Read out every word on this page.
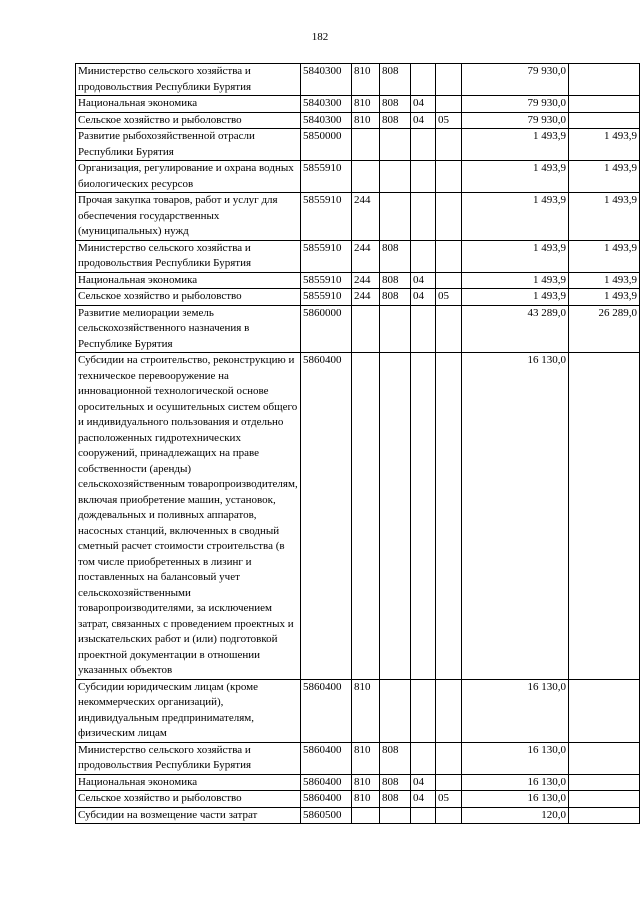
182
Министерство сельского хозяйства и продовольствия Республики Бурятия	5840300	810	808			79 930,0	
Национальная экономика	5840300	810	808	04		79 930,0	
Сельское хозяйство и рыболовство	5840300	810	808	04	05	79 930,0	
Развитие рыбохозяйственной отрасли Республики Бурятия	5850000					1 493,9	1 493,9
Организация, регулирование и охрана водных биологических ресурсов	5855910					1 493,9	1 493,9
Прочая закупка товаров, работ и услуг для обеспечения государственных (муниципальных) нужд	5855910	244				1 493,9	1 493,9
Министерство сельского хозяйства и продовольствия Республики Бурятия	5855910	244	808			1 493,9	1 493,9
Национальная экономика	5855910	244	808	04		1 493,9	1 493,9
Сельское хозяйство и рыболовство	5855910	244	808	04	05	1 493,9	1 493,9
Развитие мелиорации земель сельскохозяйственного назначения в Республике Бурятия	5860000					43 289,0	26 289,0
Субсидии на строительство, реконструкцию и техническое перевооружение на инновационной технологической основе оросительных и осушительных систем общего и индивидуального пользования и отдельно расположенных гидротехнических сооружений, принадлежащих на праве собственности (аренды) сельскохозяйственным товаропроизводителям, включая приобретение машин, установок, дождевальных и поливных аппаратов, насосных станций, включенных в сводный сметный расчет стоимости строительства (в том числе приобретенных в лизинг и поставленных на балансовый учет сельскохозяйственными товаропроизводителями, за исключением затрат, связанных с проведением проектных и изыскательских работ и (или) подготовкой проектной документации в отношении указанных объектов	5860400					16 130,0	
Субсидии юридическим лицам (кроме некоммерческих организаций), индивидуальным предпринимателям, физическим лицам	5860400	810				16 130,0	
Министерство сельского хозяйства и продовольствия Республики Бурятия	5860400	810	808			16 130,0	
Национальная экономика	5860400	810	808	04		16 130,0	
Сельское хозяйство и рыболовство	5860400	810	808	04	05	16 130,0	
Субсидии на возмещение части затрат	5860500					120,0	
